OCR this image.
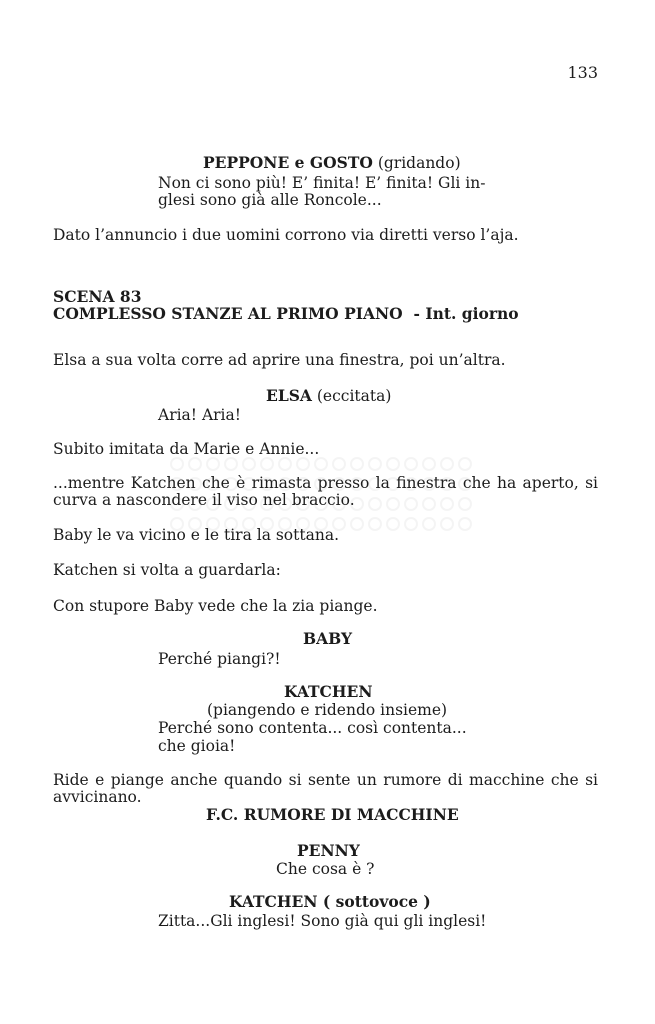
133
PEPPONE e GOSTO (gridando)
Non ci sono più! E’ finita! E’ finita! Gli in-
glesi sono già alle Roncole...
Dato l’annuncio i due uomini corrono via diretti verso l’aja.
SCENA 83
COMPLESSO STANZE AL PRIMO PIANO - Int. giorno
Elsa a sua volta corre ad aprire una finestra, poi un’altra.
ELSA (eccitata)
Aria! Aria!
Subito imitata da Marie e Annie...
...mentre Katchen che è rimasta presso la finestra che ha aperto, si
curva a nascondere il viso nel braccio.
Baby le va vicino e le tira la sottana.
Katchen si volta a guardarla:
Con stupore Baby vede che la zia piange.
BABY
Perché piangi?!
KATCHEN
(piangendo e ridendo insieme)
Perché sono contenta... così contenta...
che gioia!
Ride e piange anche quando si sente un rumore di macchine che si
avvicinano.
F.C. RUMORE DI MACCHINE
PENNY
Che cosa è ?
KATCHEN ( sottovoce )
Zitta...Gli inglesi! Sono già qui gli inglesi!
